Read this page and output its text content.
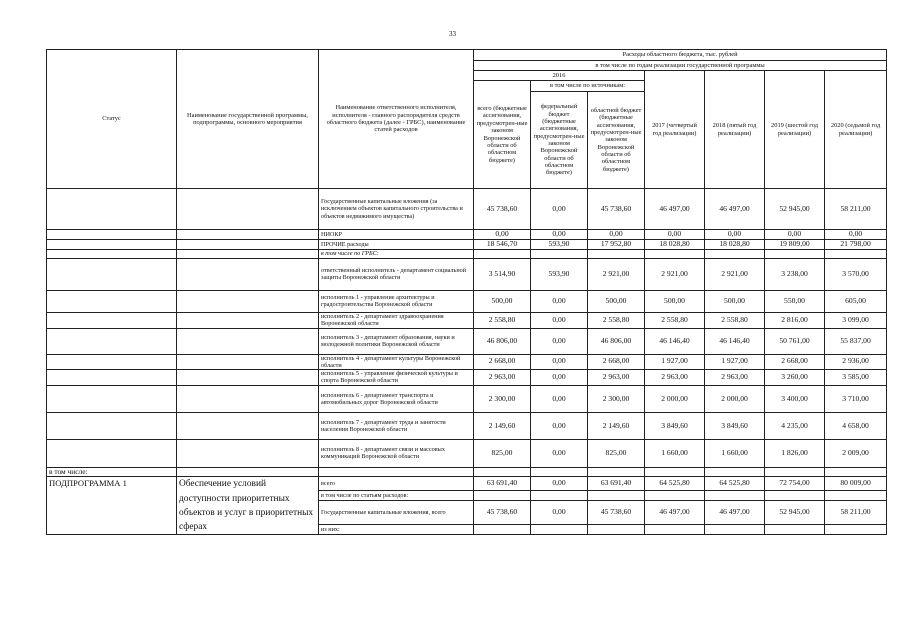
33
Статус	Наименование государственной программы, подпрограммы, основного мероприятия	Наименование ответственного исполнителя, исполнителя - главного распорядителя средств областного бюджета (далее - ГРБС), наименование статей расходов	Расходы областного бюджета, тыс. рублей						
			в том числе по годам реализации государственной программы						
			2016			2017 (четвертый год реализации)	2018 (пятый год реализации)	2019 (шестой год реализации)	2020 (седьмой год реализации)
			всего (бюджетные ассигнования, предусмотрен-ные законом Воронежской области об областном бюджете)	в том числе по источникам:					
				федеральный бюджет (бюджетные ассигнования, предусмотрен-ные законом Воронежской области об областном бюджете)	областной бюджет (бюджетные ассигнования, предусмотрен-ные законом Воронежской области об областном бюджете)				
		Государственные капитальные вложения (за исключением объектов капитального строительства и объектов недвижимого имущества)	45 738,60	0,00	45 738,60	46 497,00	46 497,00	52 945,00	58 211,00
		НИОКР	0,00	0,00	0,00	0,00	0,00	0,00	0,00
		ПРОЧИЕ расходы	18 546,70	593,90	17 952,80	18 028,80	18 028,80	19 809,00	21 798,00
		в том числе по ГРБС:							
		ответственный исполнитель - департамент социальной защиты Воронежской области	3 514,90	593,90	2 921,00	2 921,00	2 921,00	3 238,00	3 570,00
		исполнитель 1 - управление архитектуры и градостроительства Воронежской области	500,00	0,00	500,00	500,00	500,00	550,00	605,00
		исполнитель 2 - департамент здравоохранения Воронежской области	2 558,80	0,00	2 558,80	2 558,80	2 558,80	2 816,00	3 099,00
		исполнитель 3 - департамент образования, науки и молодежной политики Воронежской области	46 806,00	0,00	46 806,00	46 146,40	46 146,40	50 761,00	55 837,00
		исполнитель 4 - департамент культуры Воронежской области	2 668,00	0,00	2 668,00	1 927,00	1 927,00	2 668,00	2 936,00
		исполнитель 5 - управление физической культуры и спорта Воронежской области	2 963,00	0,00	2 963,00	2 963,00	2 963,00	3 260,00	3 585,00
		исполнитель 6 - департамент транспорта и автомобильных дорог Воронежской области	2 300,00	0,00	2 300,00	2 000,00	2 000,00	3 400,00	3 710,00
		исполнитель 7 - департамент труда и занятости населения Воронежской области	2 149,60	0,00	2 149,60	3 849,60	3 849,60	4 235,00	4 658,00
		исполнитель 8 - департамент связи и массовых коммуникаций Воронежской области	825,00	0,00	825,00	1 660,00	1 660,00	1 826,00	2 009,00
в том числе:									
ПОДПРОГРАММА 1	Обеспечение условий доступности приоритетных объектов и услуг в приоритетных сферах	всего	63 691,40	0,00	63 691,40	64 525,80	64 525,80	72 754,00	80 009,00
		в том числе по статьям расходов:							
		Государственные капитальные вложения, всего	45 738,60	0,00	45 738,60	46 497,00	46 497,00	52 945,00	58 211,00
		из них:							
